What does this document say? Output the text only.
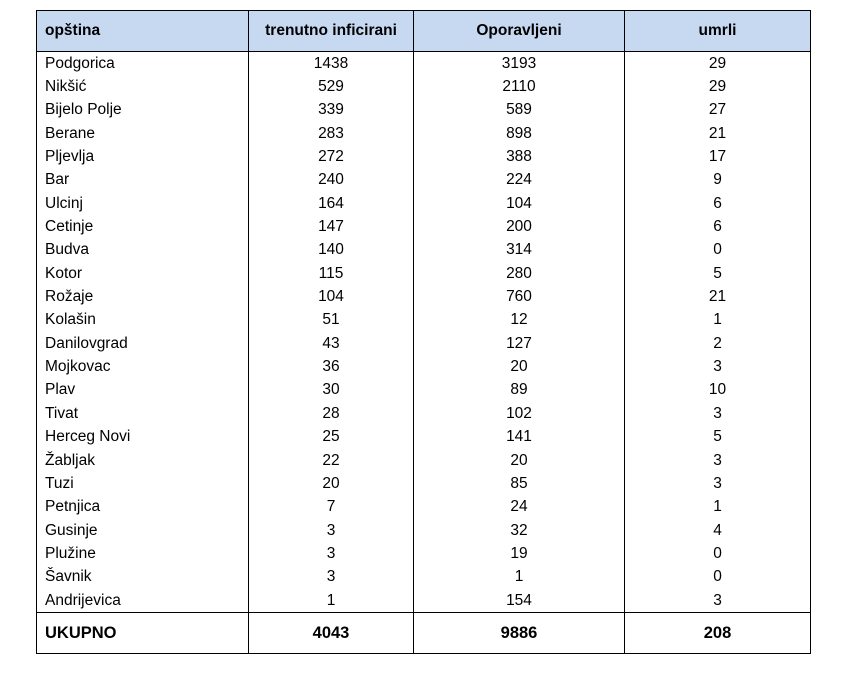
opština	trenutno inficirani	Oporavljeni	umrli
Podgorica	1438	3193	29
Nikšić	529	2110	29
Bijelo Polje	339	589	27
Berane	283	898	21
Pljevlja	272	388	17
Bar	240	224	9
Ulcinj	164	104	6
Cetinje	147	200	6
Budva	140	314	0
Kotor	115	280	5
Rožaje	104	760	21
Kolašin	51	12	1
Danilovgrad	43	127	2
Mojkovac	36	20	3
Plav	30	89	10
Tivat	28	102	3
Herceg Novi	25	141	5
Žabljak	22	20	3
Tuzi	20	85	3
Petnjica	7	24	1
Gusinje	3	32	4
Plužine	3	19	0
Šavnik	3	1	0
Andrijevica	1	154	3
UKUPNO	4043	9886	208
